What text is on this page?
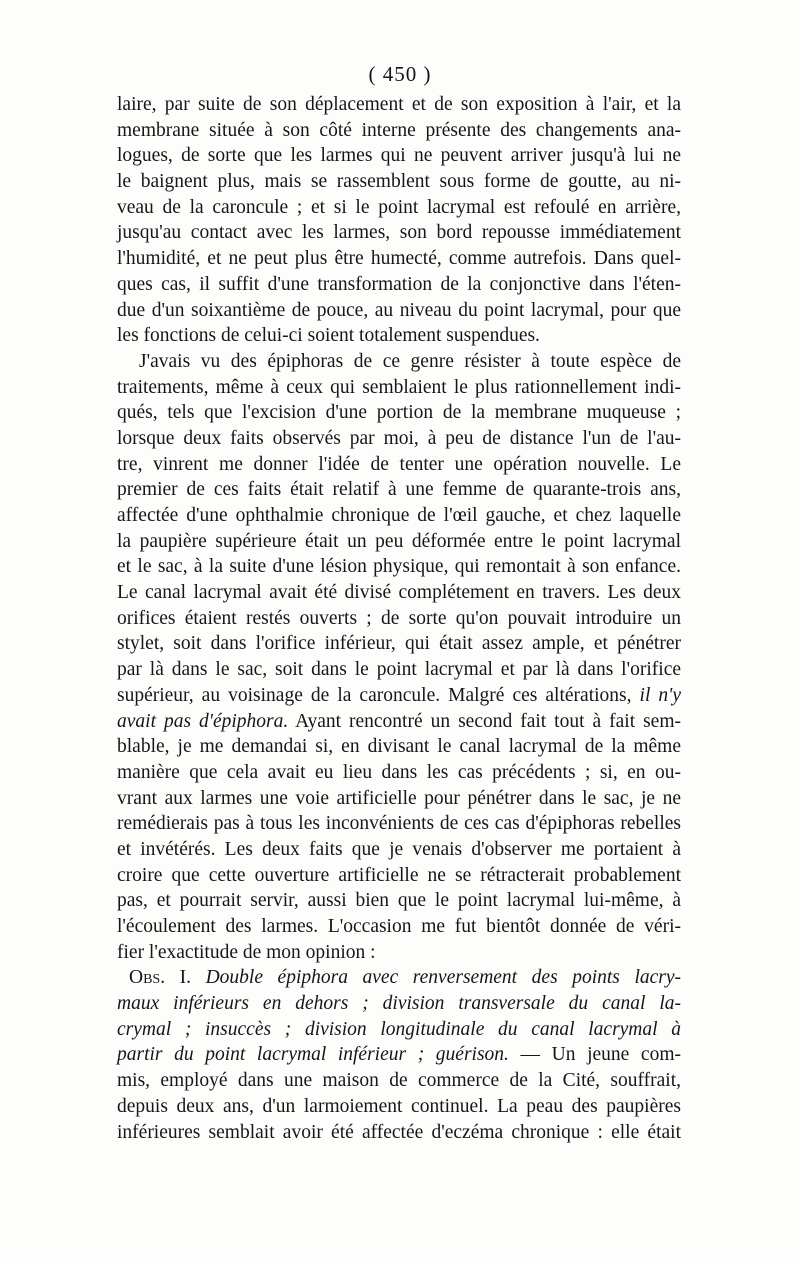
( 450 )
laire, par suite de son déplacement et de son exposition à l'air, et la
membrane située à son côté interne présente des changements ana-
logues, de sorte que les larmes qui ne peuvent arriver jusqu'à lui ne
le baignent plus, mais se rassemblent sous forme de goutte, au ni-
veau de la caroncule ; et si le point lacrymal est refoulé en arrière,
jusqu'au contact avec les larmes, son bord repousse immédiatement
l'humidité, et ne peut plus être humecté, comme autrefois. Dans quel-
ques cas, il suffit d'une transformation de la conjonctive dans l'éten-
due d'un soixantième de pouce, au niveau du point lacrymal, pour que
les fonctions de celui-ci soient totalement suspendues.
J'avais vu des épiphoras de ce genre résister à toute espèce de
traitements, même à ceux qui semblaient le plus rationnellement indi-
qués, tels que l'excision d'une portion de la membrane muqueuse ;
lorsque deux faits observés par moi, à peu de distance l'un de l'au-
tre, vinrent me donner l'idée de tenter une opération nouvelle. Le
premier de ces faits était relatif à une femme de quarante-trois ans,
affectée d'une ophthalmie chronique de l'œil gauche, et chez laquelle
la paupière supérieure était un peu déformée entre le point lacrymal
et le sac, à la suite d'une lésion physique, qui remontait à son enfance.
Le canal lacrymal avait été divisé complétement en travers. Les deux
orifices étaient restés ouverts ; de sorte qu'on pouvait introduire un
stylet, soit dans l'orifice inférieur, qui était assez ample, et pénétrer
par là dans le sac, soit dans le point lacrymal et par là dans l'orifice
supérieur, au voisinage de la caroncule. Malgré ces altérations, il n'y
avait pas d'épiphora. Ayant rencontré un second fait tout à fait sem-
blable, je me demandai si, en divisant le canal lacrymal de la même
manière que cela avait eu lieu dans les cas précédents ; si, en ou-
vrant aux larmes une voie artificielle pour pénétrer dans le sac, je ne
remédierais pas à tous les inconvénients de ces cas d'épiphoras rebelles
et invétérés. Les deux faits que je venais d'observer me portaient à
croire que cette ouverture artificielle ne se rétracterait probablement
pas, et pourrait servir, aussi bien que le point lacrymal lui-même, à
l'écoulement des larmes. L'occasion me fut bientôt donnée de véri-
fier l'exactitude de mon opinion :
Obs. I. Double épiphora avec renversement des points lacry-
maux inférieurs en dehors ; division transversale du canal la-
crymal ; insuccès ; division longitudinale du canal lacrymal à
partir du point lacrymal inférieur ; guérison. — Un jeune com-
mis, employé dans une maison de commerce de la Cité, souffrait,
depuis deux ans, d'un larmoiement continuel. La peau des paupières
inférieures semblait avoir été affectée d'eczéma chronique : elle était
